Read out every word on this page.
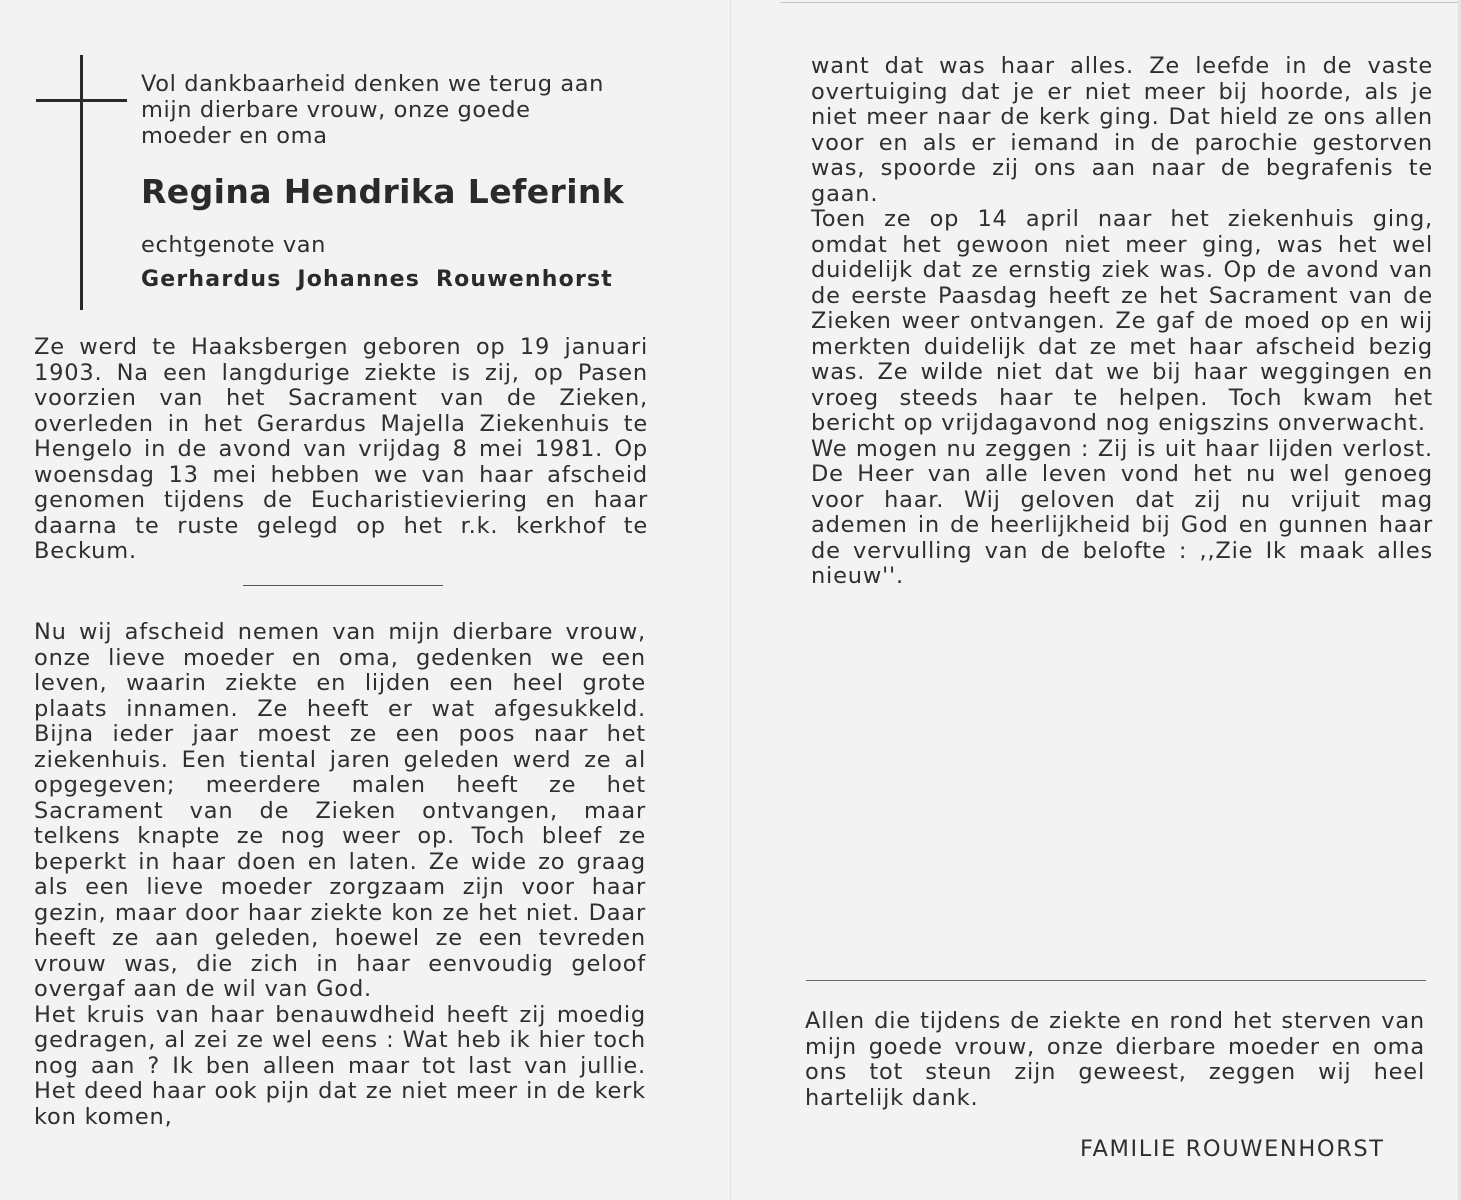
Vol dankbaarheid denken we terug aan
mijn dierbare vrouw, onze goede
moeder en oma
Regina Hendrika Leferink
echtgenote van
Gerhardus Johannes Rouwenhorst
Ze werd te Haaksbergen geboren op 19 januari 1903. Na een langdurige ziekte is zij, op Pasen voorzien van het Sacrament van de Zieken, overleden in het Gerardus Majella Ziekenhuis te Hengelo in de avond van vrijdag 8 mei 1981. Op woensdag 13 mei hebben we van haar afscheid genomen tijdens de Eucharistieviering en haar daarna te ruste gelegd op het r.k. kerkhof te Beckum.
Nu wij afscheid nemen van mijn dierbare vrouw, onze lieve moeder en oma, gedenken we een leven, waarin ziekte en lijden een heel grote plaats innamen. Ze heeft er wat afgesukkeld. Bijna ieder jaar moest ze een poos naar het ziekenhuis. Een tiental jaren geleden werd ze al opgegeven; meerdere malen heeft ze het Sacrament van de Zieken ontvangen, maar telkens knapte ze nog weer op. Toch bleef ze beperkt in haar doen en laten. Ze wide zo graag als een lieve moeder zorgzaam zijn voor haar gezin, maar door haar ziekte kon ze het niet. Daar heeft ze aan geleden, hoewel ze een tevreden vrouw was, die zich in haar eenvoudig geloof overgaf aan de wil van God.
Het kruis van haar benauwdheid heeft zij moedig gedragen, al zei ze wel eens : Wat heb ik hier toch nog aan ? Ik ben alleen maar tot last van jullie. Het deed haar ook pijn dat ze niet meer in de kerk kon komen,
want dat was haar alles. Ze leefde in de vaste overtuiging dat je er niet meer bij hoorde, als je niet meer naar de kerk ging. Dat hield ze ons allen voor en als er iemand in de parochie gestorven was, spoorde zij ons aan naar de begrafenis te gaan.
Toen ze op 14 april naar het ziekenhuis ging, omdat het gewoon niet meer ging, was het wel duidelijk dat ze ernstig ziek was. Op de avond van de eerste Paasdag heeft ze het Sacrament van de Zieken weer ontvangen. Ze gaf de moed op en wij merkten duidelijk dat ze met haar afscheid bezig was. Ze wilde niet dat we bij haar weggingen en vroeg steeds haar te helpen. Toch kwam het bericht op vrijdagavond nog enigszins onverwacht.
We mogen nu zeggen : Zij is uit haar lijden verlost. De Heer van alle leven vond het nu wel genoeg voor haar. Wij geloven dat zij nu vrijuit mag ademen in de heerlijkheid bij God en gunnen haar de vervulling van de belofte : ,,Zie Ik maak alles nieuw''.
Allen die tijdens de ziekte en rond het sterven van mijn goede vrouw, onze dierbare moeder en oma ons tot steun zijn geweest, zeggen wij heel hartelijk dank.
FAMILIE ROUWENHORST
